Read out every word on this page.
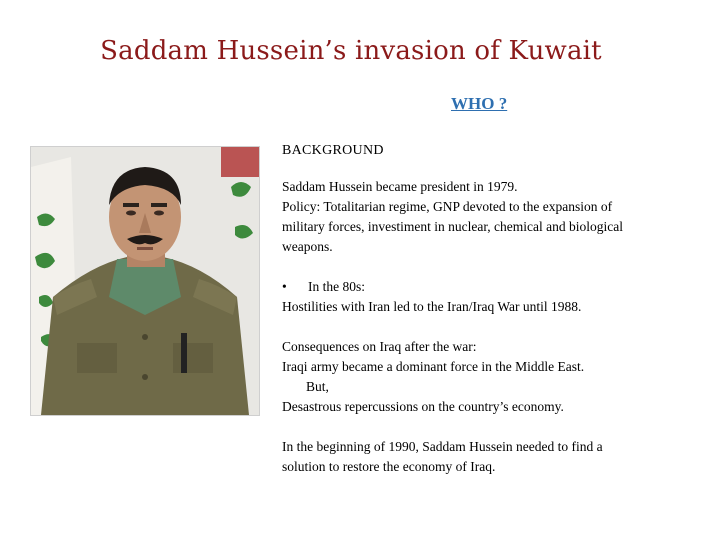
Saddam Hussein’s invasion of Kuwait
WHO ?

BACKGROUND

Saddam Hussein became president in 1979.

Policy: Totalitarian regime, GNP devoted to the expansion of

military forces, investiment in nuclear, chemical and biological

weapons.

•	In the 80s:

Hostilities with Iran led to the Iran/Iraq War until 1988.

Consequences on Iraq after the war:

Iraqi army became a dominant force in the Middle East.

But,

Desastrous repercussions on the country’s economy.

In the beginning of 1990, Saddam Hussein needed to find a

solution to restore the economy of Iraq.
